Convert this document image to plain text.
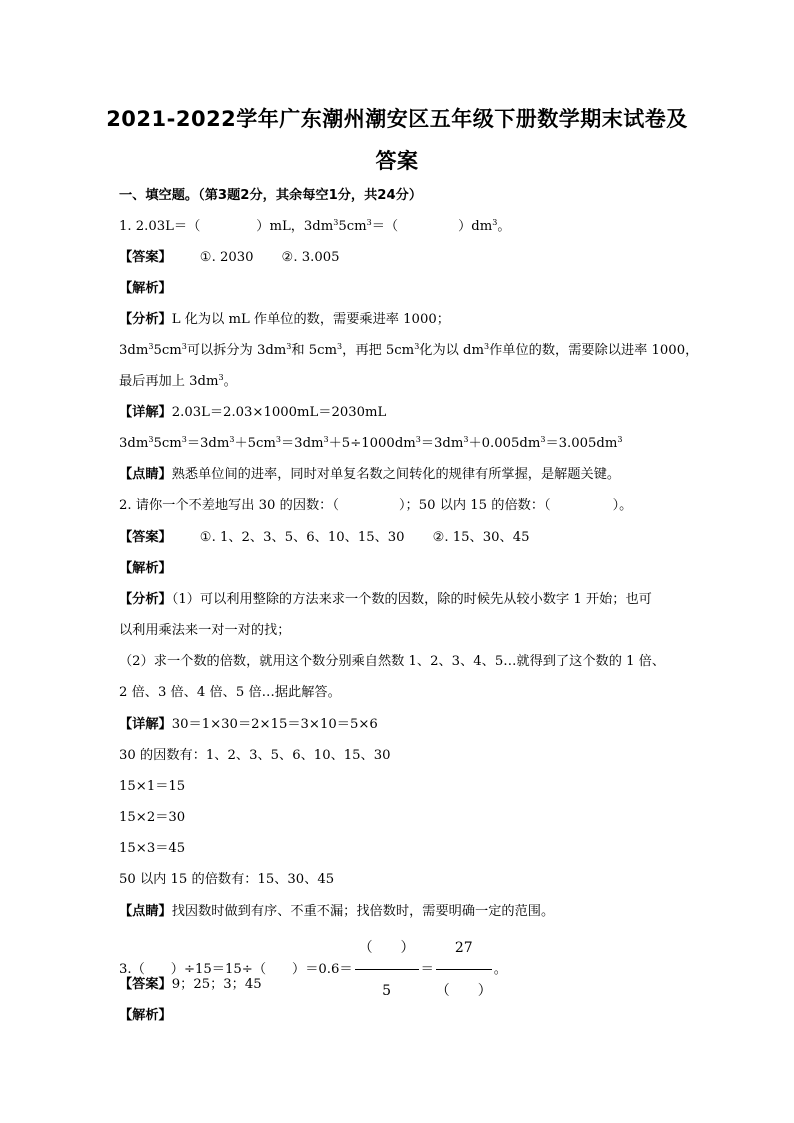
2021-2022学年广东潮州潮安区五年级下册数学期末试卷及
答案
一、填空题。（第3题2分，其余每空1分，共24分）
1. 2.03L＝（	）mL，$3dm^35cm^3=$（	）$dm^3$。
【答案】 ①. 2030 ②. 3.005
【解析】
【分析】L 化为以 mL 作单位的数，需要乘进率 1000；
$3dm^35cm^3$可以拆分为 $3dm^3$和 $5cm^3$，再把 $5cm^3$化为以 $dm^3$作单位的数，需要除以进率 1000，
最后再加上 $3dm^3$。
【详解】2.03L＝2.03×1000mL＝2030mL
$3dm^35cm^3=3dm^3+5cm^3=3dm^3+5\div 1000dm^3=3dm^3+0.005dm^3=3.005dm^3$
【点睛】熟悉单位间的进率，同时对单复名数之间转化的规律有所掌握，是解题关键。
2. 请你一个不差地写出 30 的因数：（	）；50 以内 15 的倍数：（	）。
【答案】 ①. 1、2、3、5、6、10、15、30 ②. 15、30、45
【解析】
【分析】（1）可以利用整除的方法来求一个数的因数，除的时候先从较小数字 1 开始；也可
以利用乘法来一对一对的找；
（2）求一个数的倍数，就用这个数分别乘自然数 1、2、3、4、5…就得到了这个数的 1 倍、
2 倍、3 倍、4 倍、5 倍…据此解答。
【详解】30＝1×30＝2×15＝3×10＝5×6
30 的因数有：1、2、3、5、6、10、15、30
15×1＝15
15×2＝30
15×3＝45
50 以内 15 的倍数有：15、30、45
【点睛】找因数时做到有序、不重不漏；找倍数时，需要明确一定的范围。
3.（ ）÷15＝15÷（ ）$=0.6= \frac{( )}{5} = \frac{27}{( )}$ 。
【答案】9；25；3；45
【解析】
